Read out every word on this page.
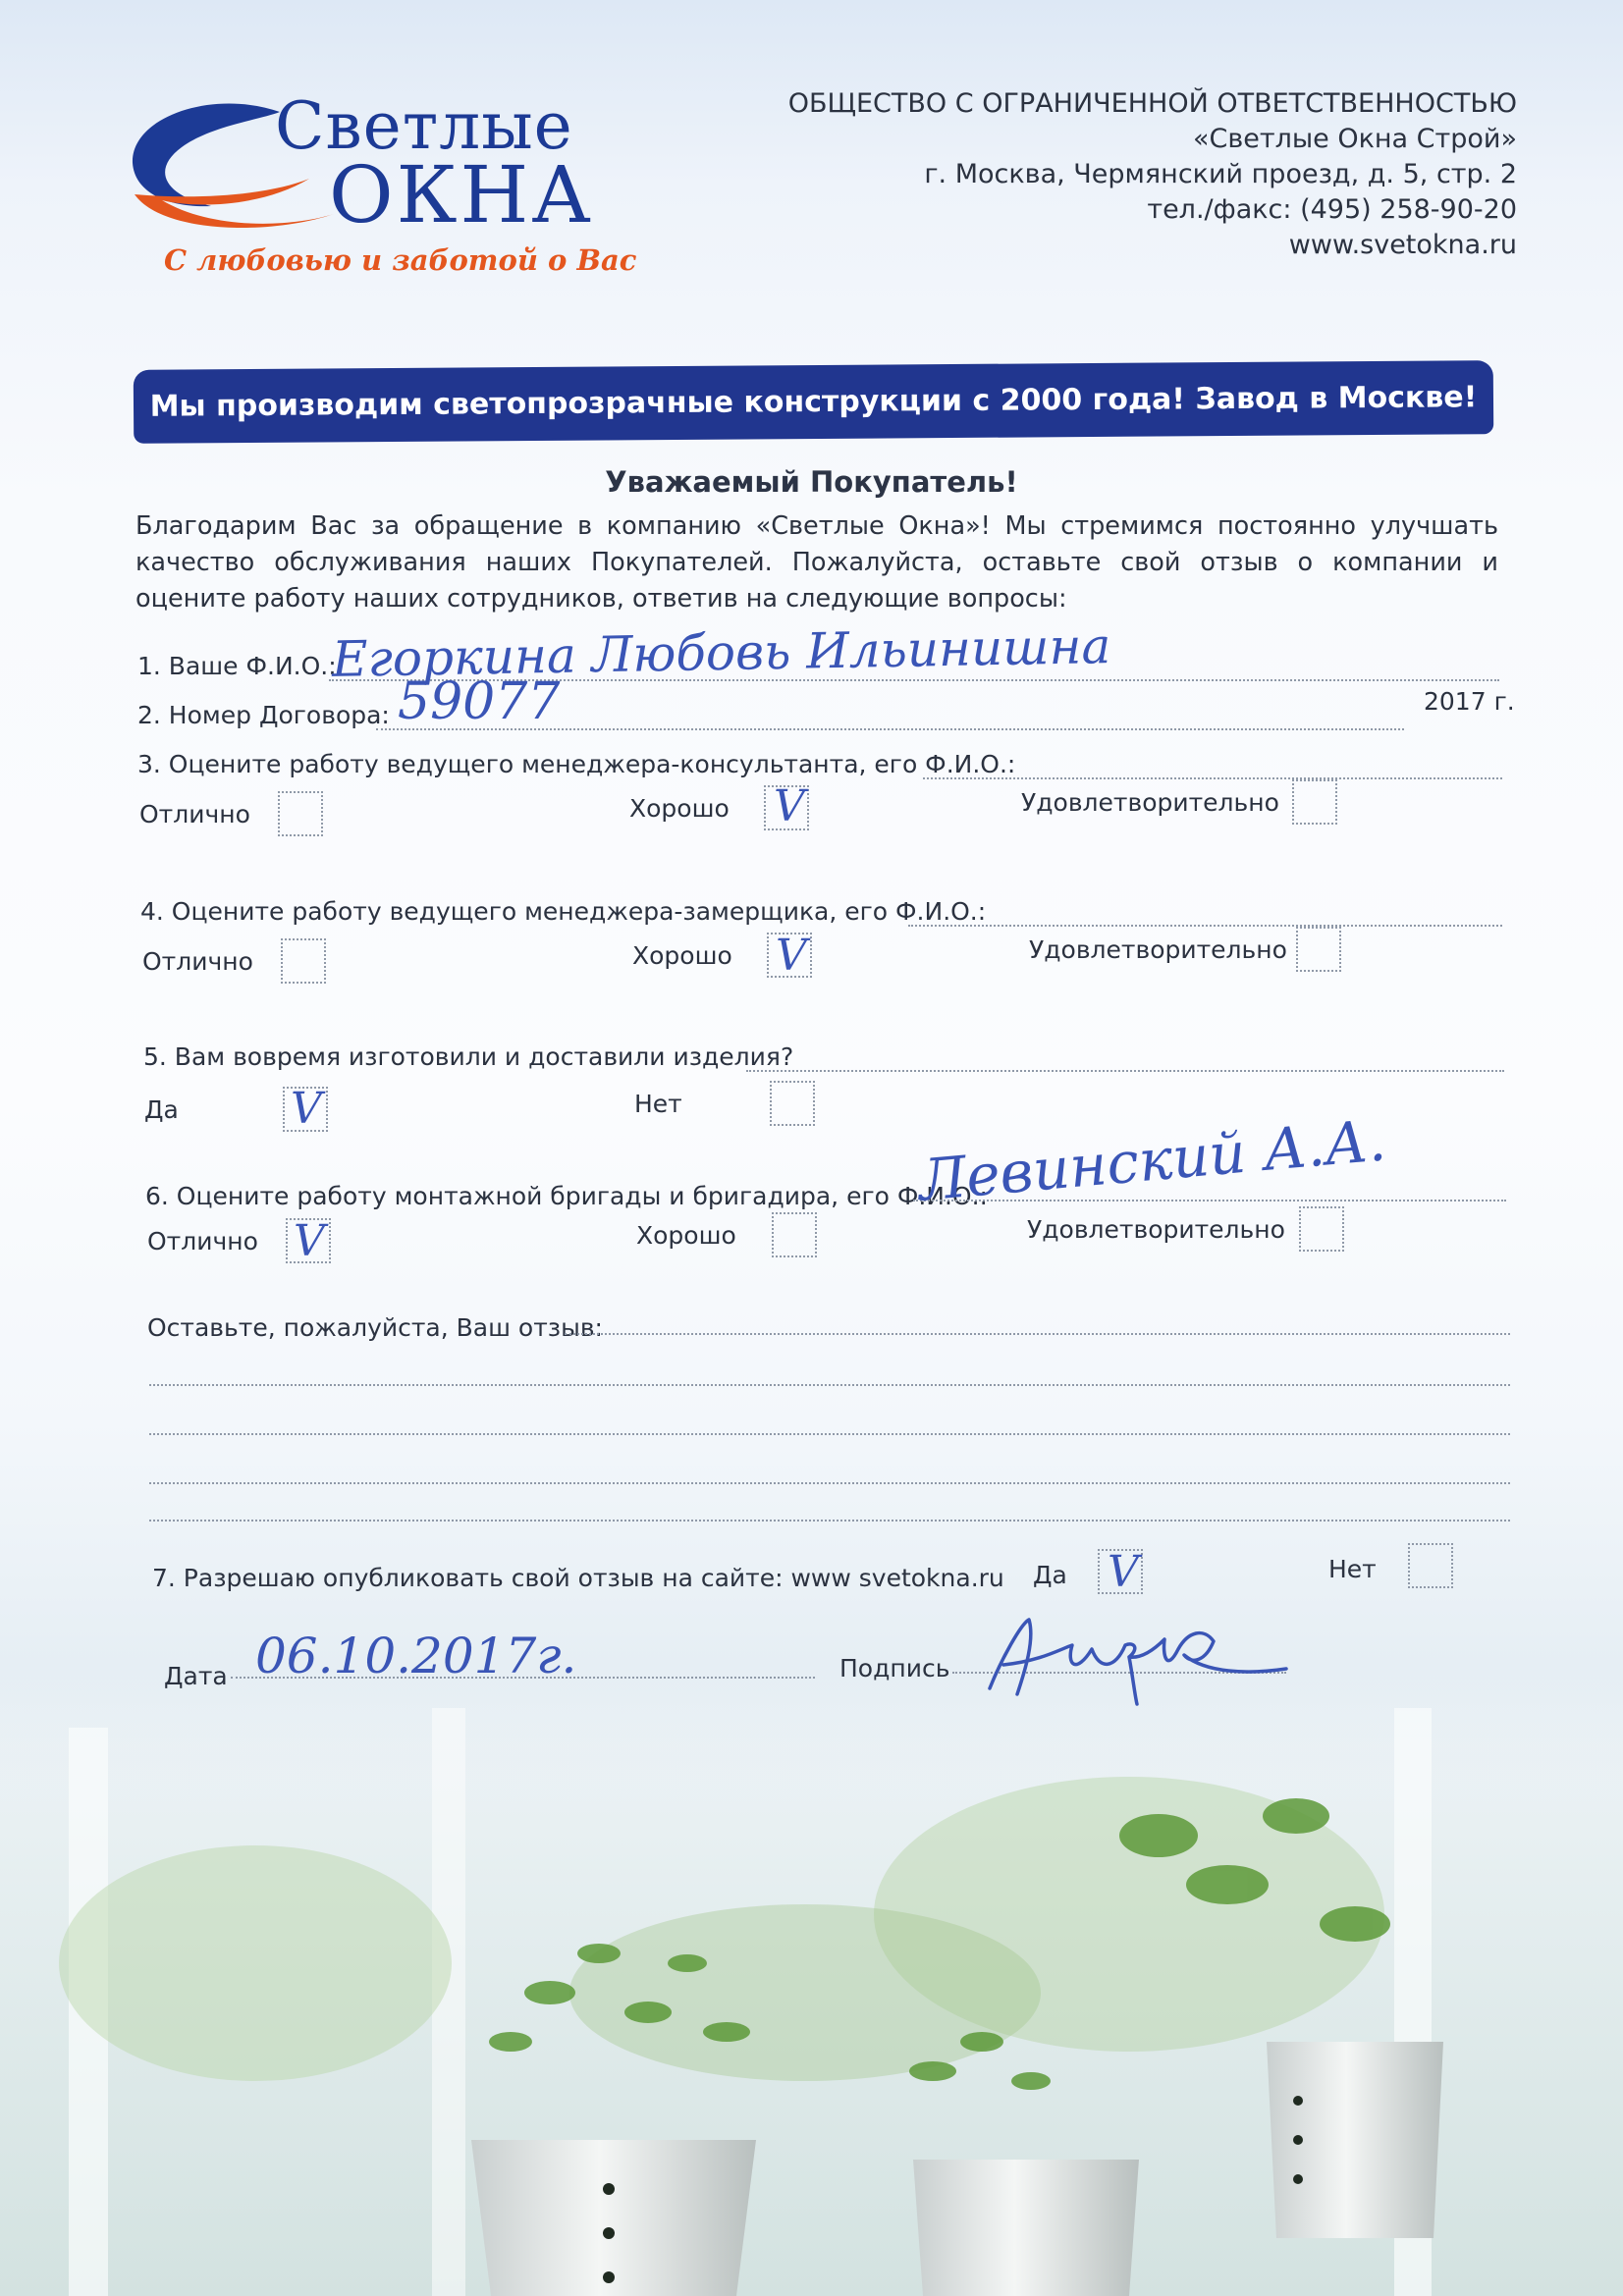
Светлые
ОКНА
С любовью и заботой о Вас
ОБЩЕСТВО С ОГРАНИЧЕННОЙ ОТВЕТСТВЕННОСТЬЮ
«Светлые Окна Строй»
г. Москва, Чермянский проезд, д. 5, стр. 2
тел./факс: (495) 258-90-20
www.svetokna.ru
Мы производим светопрозрачные конструкции с 2000 года! Завод в Москве!
Уважаемый Покупатель!
Благодарим Вас за обращение в компанию «Светлые Окна»! Мы стремимся постоянно улучшать качество обслуживания наших Покупателей. Пожалуйста, оставьте свой отзыв о компании и оцените работу наших сотрудников, ответив на следующие вопросы:
1. Ваше Ф.И.О.:
Егоркина Любовь Ильинишна
2. Номер Договора: 59077	2017 г.
3. Оцените работу ведущего менеджера-консультанта, его Ф.И.О.:
Отлично	Хорошо V	Удовлетворительно
4. Оцените работу ведущего менеджера-замерщика, его Ф.И.О.:
Отлично	Хорошо V	Удовлетворительно
5. Вам вовремя изготовили и доставили изделия?
Да	V	Нет
6. Оцените работу монтажной бригады и бригадира, его Ф.И.О.:
Левинский А.А.
Отлично V	Хорошо	Удовлетворительно
Оставьте, пожалуйста, Ваш отзыв:
7. Разрешаю опубликовать свой отзыв на сайте: www svetokna.ru Да V	Нет
Дата 06.10.2017г.	Подпись
